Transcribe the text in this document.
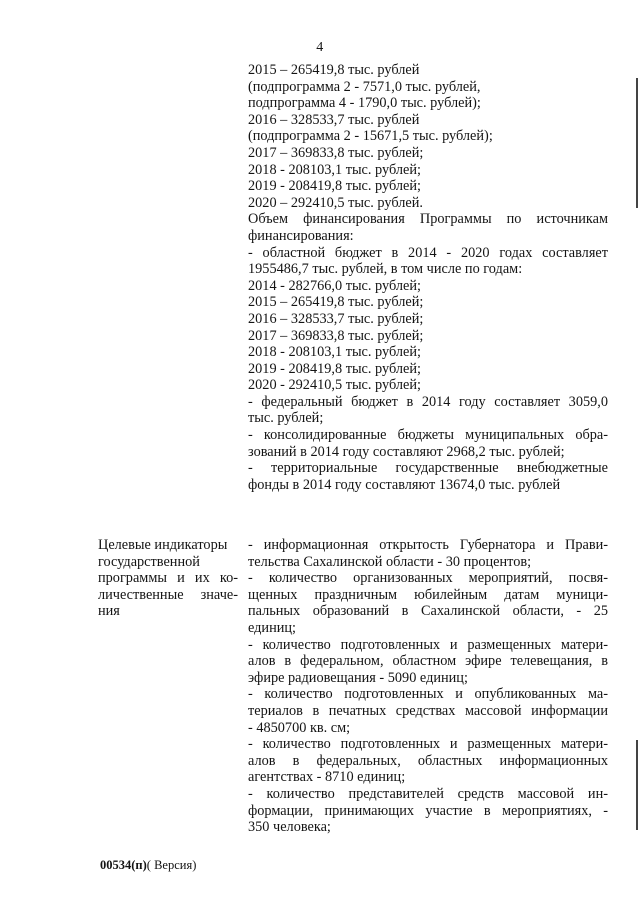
4
2015 – 265419,8 тыс. рублей
(подпрограмма 2 - 7571,0 тыс. рублей,
подпрограмма 4 - 1790,0 тыс. рублей);
2016 – 328533,7 тыс. рублей
(подпрограмма 2 - 15671,5 тыс. рублей);
2017 – 369833,8 тыс. рублей;
2018 - 208103,1 тыс. рублей;
2019 - 208419,8 тыс. рублей;
2020 – 292410,5 тыс. рублей.
Объем финансирования Программы по источникам
финансирования:
- областной бюджет в 2014 - 2020 годах составляет
1955486,7 тыс. рублей, в том числе по годам:
2014 - 282766,0 тыс. рублей;
2015 – 265419,8 тыс. рублей;
2016 – 328533,7 тыс. рублей;
2017 – 369833,8 тыс. рублей;
2018 - 208103,1 тыс. рублей;
2019 - 208419,8 тыс. рублей;
2020 - 292410,5 тыс. рублей;
- федеральный бюджет в 2014 году составляет 3059,0
тыс. рублей;
- консолидированные бюджеты муниципальных обра-
зований в 2014 году составляют 2968,2 тыс. рублей;
- территориальные государственные внебюджетные
фонды в 2014 году составляют 13674,0 тыс. рублей
Целевые индикаторы
государственной
программы и их ко-
личественные значе-
ния
- информационная открытость Губернатора и Прави-
тельства Сахалинской области - 30 процентов;
- количество организованных мероприятий, посвя-
щенных праздничным юбилейным датам муници-
пальных образований в Сахалинской области, - 25
единиц;
- количество подготовленных и размещенных матери-
алов в федеральном, областном эфире телевещания, в
эфире радиовещания - 5090 единиц;
- количество подготовленных и опубликованных ма-
териалов в печатных средствах массовой информации
- 4850700 кв. см;
- количество подготовленных и размещенных матери-
алов в федеральных, областных информационных
агентствах - 8710 единиц;
- количество представителей средств массовой ин-
формации, принимающих участие в мероприятиях, -
350 человека;
00534(п)( Версия)
